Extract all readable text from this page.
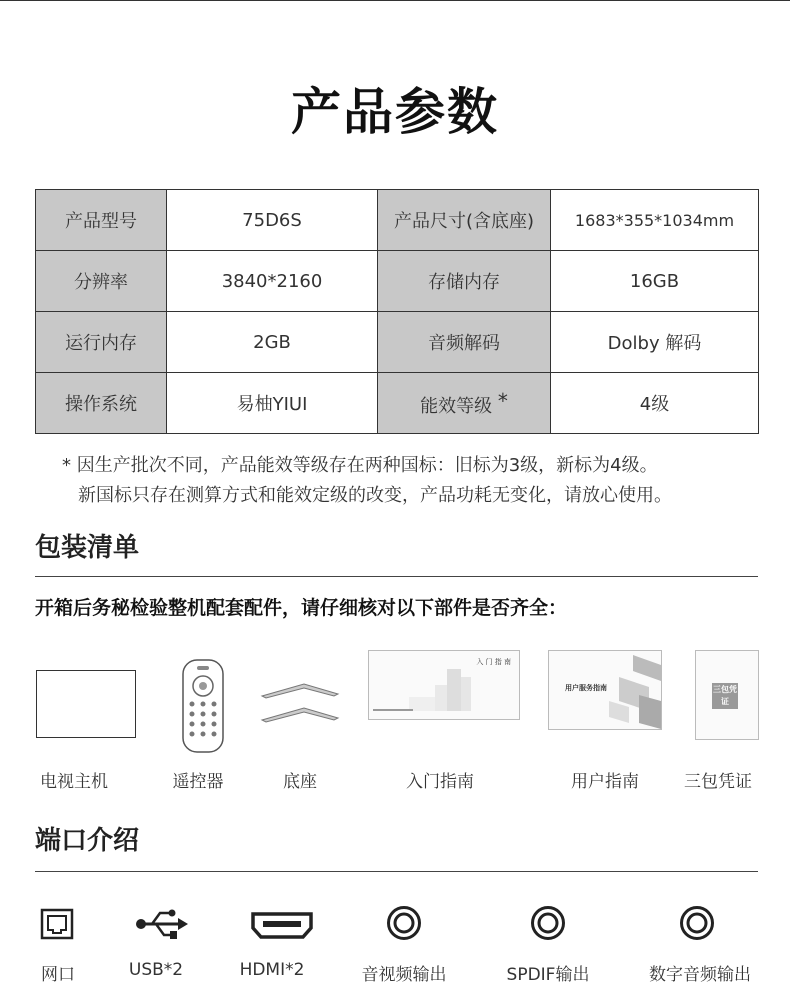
产品参数
产品型号	75D6S	产品尺寸(含底座)	1683*355*1034mm
分辨率	3840*2160	存储内存	16GB
运行内存	2GB	音频解码	Dolby 解码
操作系统	易柚YIUI	能效等级 *	4级
* 因生产批次不同，产品能效等级存在两种国标：旧标为3级，新标为4级。
新国标只存在测算方式和能效定级的改变，产品功耗无变化，请放心使用。
包装清单
开箱后务秘检验整机配套配件，请仔细核对以下部件是否齐全：
入 门 指 南
用户服务指南	三包凭证
电视主机	遥控器	底座	入门指南	用户指南	三包凭证
端口介绍
网口	USB*2	HDMI*2	音视频输出	SPDIF输出	数字音频输出
